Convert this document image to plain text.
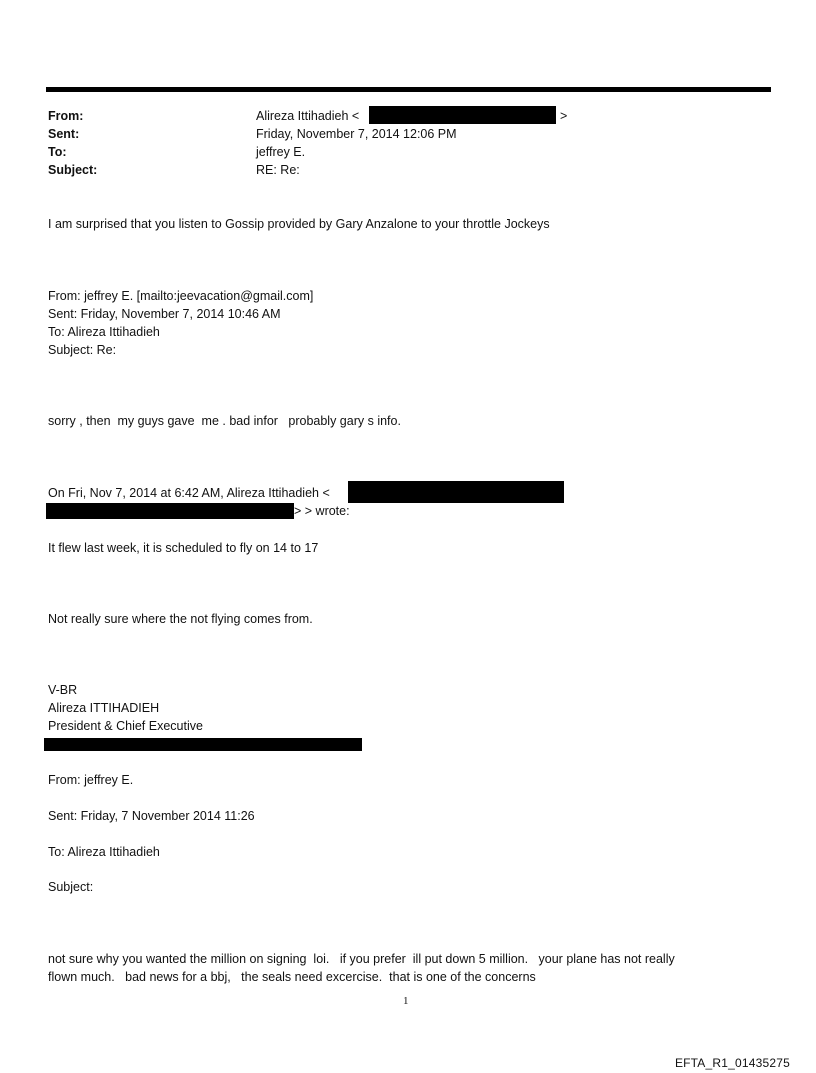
From:	Alireza Ittihadieh <	>
Sent:	Friday, November 7, 2014 12:06 PM
To:	jeffrey E.
Subject:	RE: Re:
I am surprised that you listen to Gossip provided by Gary Anzalone to your throttle Jockeys
From: jeffrey E. [mailto:jeevacation@gmail.com]
Sent: Friday, November 7, 2014 10:46 AM
To: Alireza Ittihadieh
Subject: Re:
sorry , then  my guys gave  me . bad infor   probably gary s info.
On Fri, Nov 7, 2014 at 6:42 AM, Alireza Ittihadieh <
> > wrote:
It flew last week, it is scheduled to fly on 14 to 17
Not really sure where the not flying comes from.
V-BR
Alireza ITTIHADIEH
President & Chief Executive
From: jeffrey E.
Sent: Friday, 7 November 2014 11:26
To: Alireza Ittihadieh
Subject:
not sure why you wanted the million on signing  loi.   if you prefer  ill put down 5 million.   your plane has not really
flown much.   bad news for a bbj,   the seals need excercise.  that is one of the concerns
1
EFTA_R1_01435275
